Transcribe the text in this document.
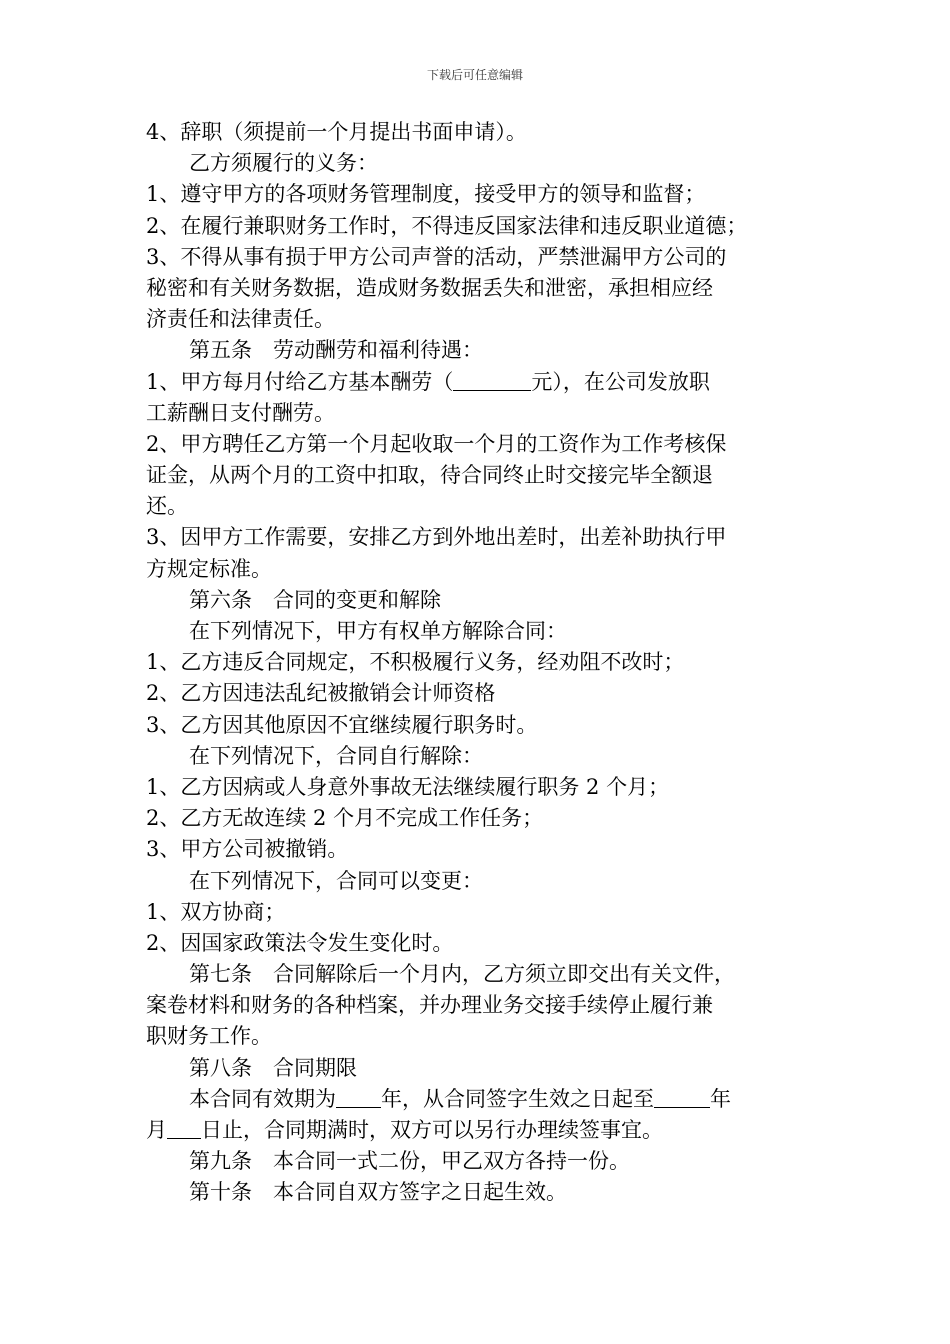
下载后可任意编辑
4、辞职（须提前一个月提出书面申请）。
乙方须履行的义务：
1、遵守甲方的各项财务管理制度，接受甲方的领导和监督；
2、在履行兼职财务工作时，不得违反国家法律和违反职业道德；
3、不得从事有损于甲方公司声誉的活动，严禁泄漏甲方公司的
秘密和有关财务数据，造成财务数据丢失和泄密，承担相应经
济责任和法律责任。
第五条　劳动酬劳和福利待遇：
1、甲方每月付给乙方基本酬劳（	元），在公司发放职
工薪酬日支付酬劳。
2、甲方聘任乙方第一个月起收取一个月的工资作为工作考核保
证金，从两个月的工资中扣取，待合同终止时交接完毕全额退
还。
3、因甲方工作需要，安排乙方到外地出差时，出差补助执行甲
方规定标准。
第六条　合同的变更和解除
在下列情况下，甲方有权单方解除合同：
1、乙方违反合同规定，不积极履行义务，经劝阻不改时；
2、乙方因违法乱纪被撤销会计师资格
3、乙方因其他原因不宜继续履行职务时。
在下列情况下，合同自行解除：
1、乙方因病或人身意外事故无法继续履行职务 2 个月；
2、乙方无故连续 2 个月不完成工作任务；
3、甲方公司被撤销。
在下列情况下，合同可以变更：
1、双方协商；
2、因国家政策法令发生变化时。
第七条　合同解除后一个月内，乙方须立即交出有关文件，
案卷材料和财务的各种档案，并办理业务交接手续停止履行兼
职财务工作。
第八条　合同期限
本合同有效期为 年，从合同签字生效之日起至	年
月 日止，合同期满时，双方可以另行办理续签事宜。
第九条　本合同一式二份，甲乙双方各持一份。
第十条　本合同自双方签字之日起生效。
